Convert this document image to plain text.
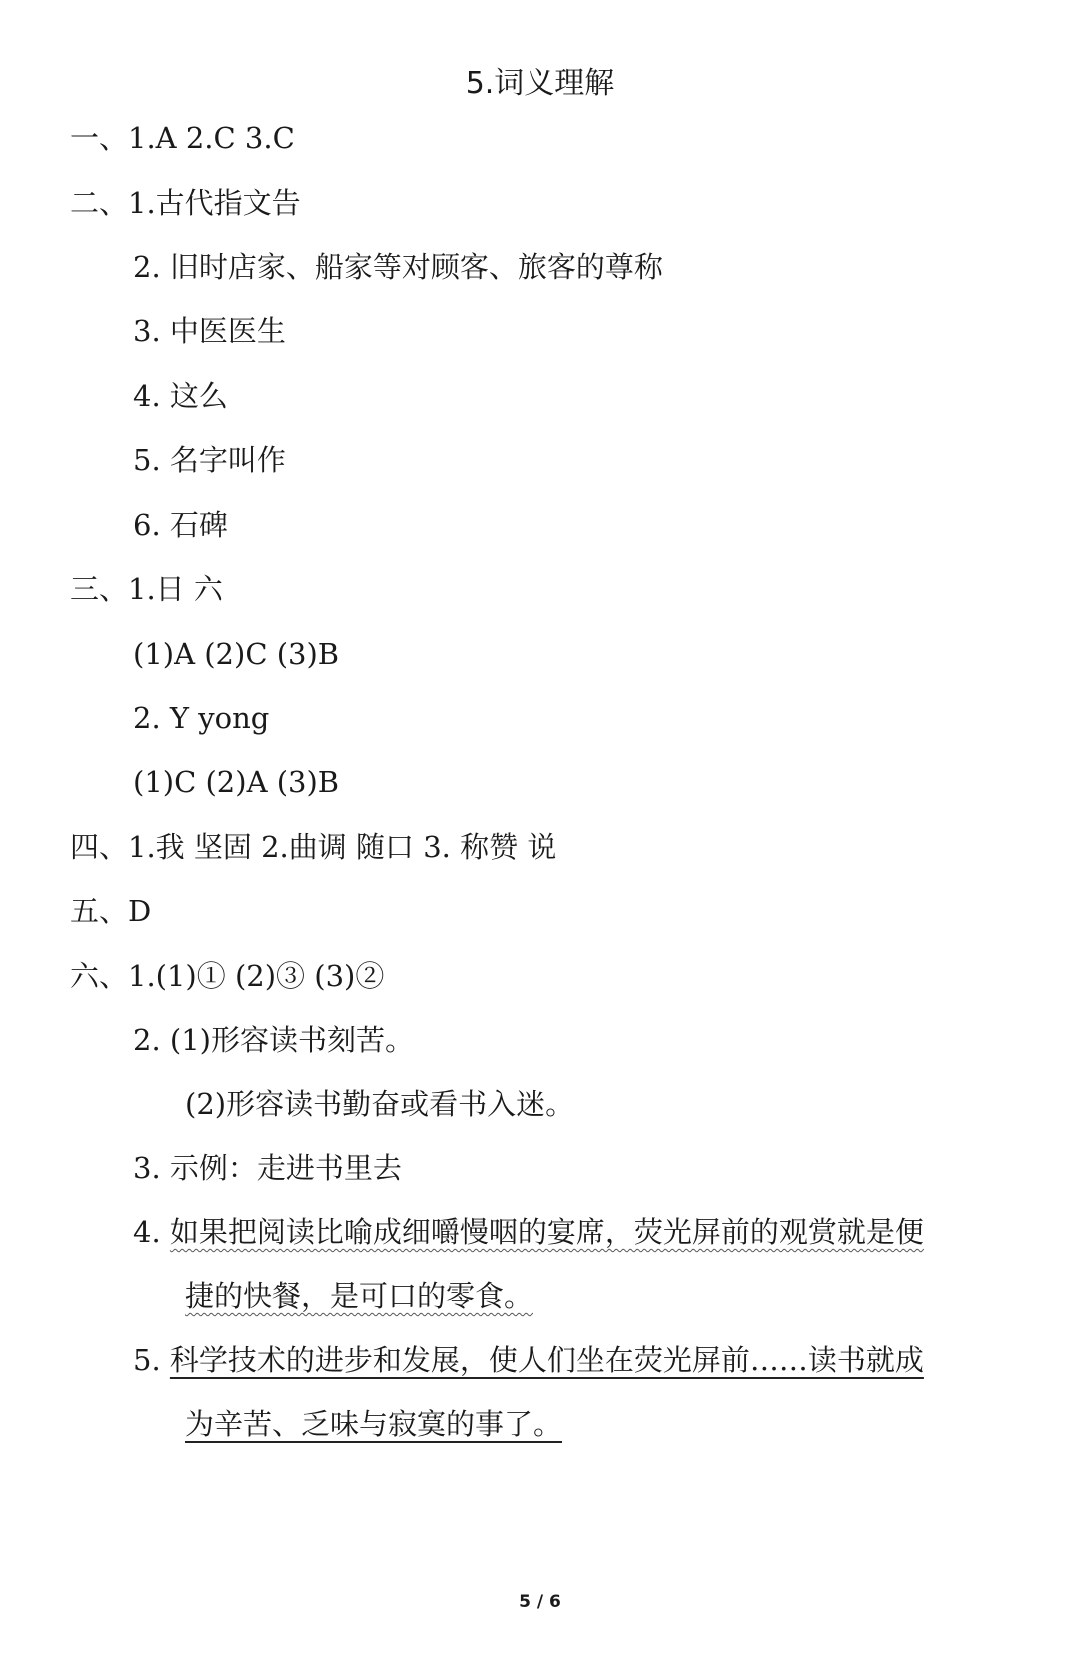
5.词义理解
一、1.A 2.C 3.C
二、1.古代指文告
2. 旧时店家、船家等对顾客、旅客的尊称
3. 中医医生
4. 这么
5. 名字叫作
6. 石碑
三、1.日 六
(1)A (2)C (3)B
2. Y yong
(1)C (2)A (3)B
四、1.我 坚固 2.曲调 随口 3. 称赞 说
五、D
六、1.(1)① (2)③ (3)②
2. (1)形容读书刻苦。
(2)形容读书勤奋或看书入迷。
3. 示例：走进书里去
4. 如果把阅读比喻成细嚼慢咽的宴席，荧光屏前的观赏就是便
捷的快餐，是可口的零食。
5. 科学技术的进步和发展，使人们坐在荧光屏前……读书就成
为辛苦、乏味与寂寞的事了。
5 / 6
